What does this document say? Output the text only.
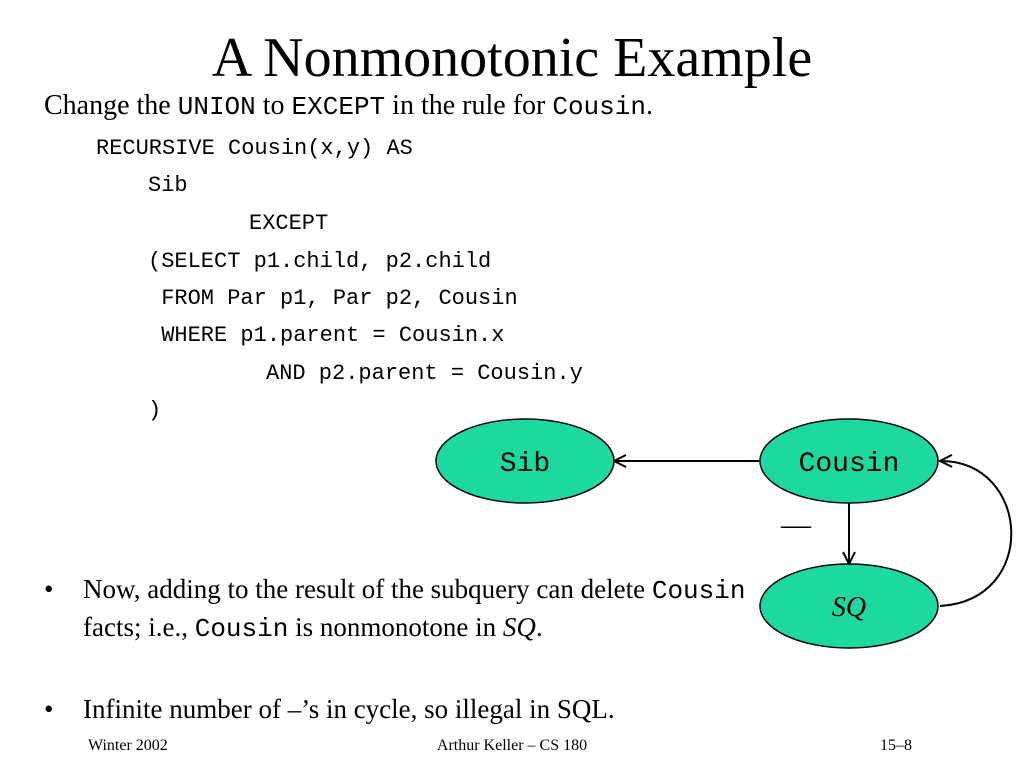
A Nonmonotonic Example
Change the UNION to EXCEPT in the rule for Cousin.
RECURSIVE Cousin(x,y) AS
Sib
EXCEPT
(SELECT p1.child, p2.child
FROM Par p1, Par p2, Cousin
WHERE p1.parent = Cousin.x
AND p2.parent = Cousin.y
)
Sib	Cousin
SQ
—
• Now, adding to the result of the subquery can delete Cousin facts; i.e., Cousin is nonmonotone in SQ.
• Infinite number of –’s in cycle, so illegal in SQL.
Winter 2002	Arthur Keller – CS 180	15–8
